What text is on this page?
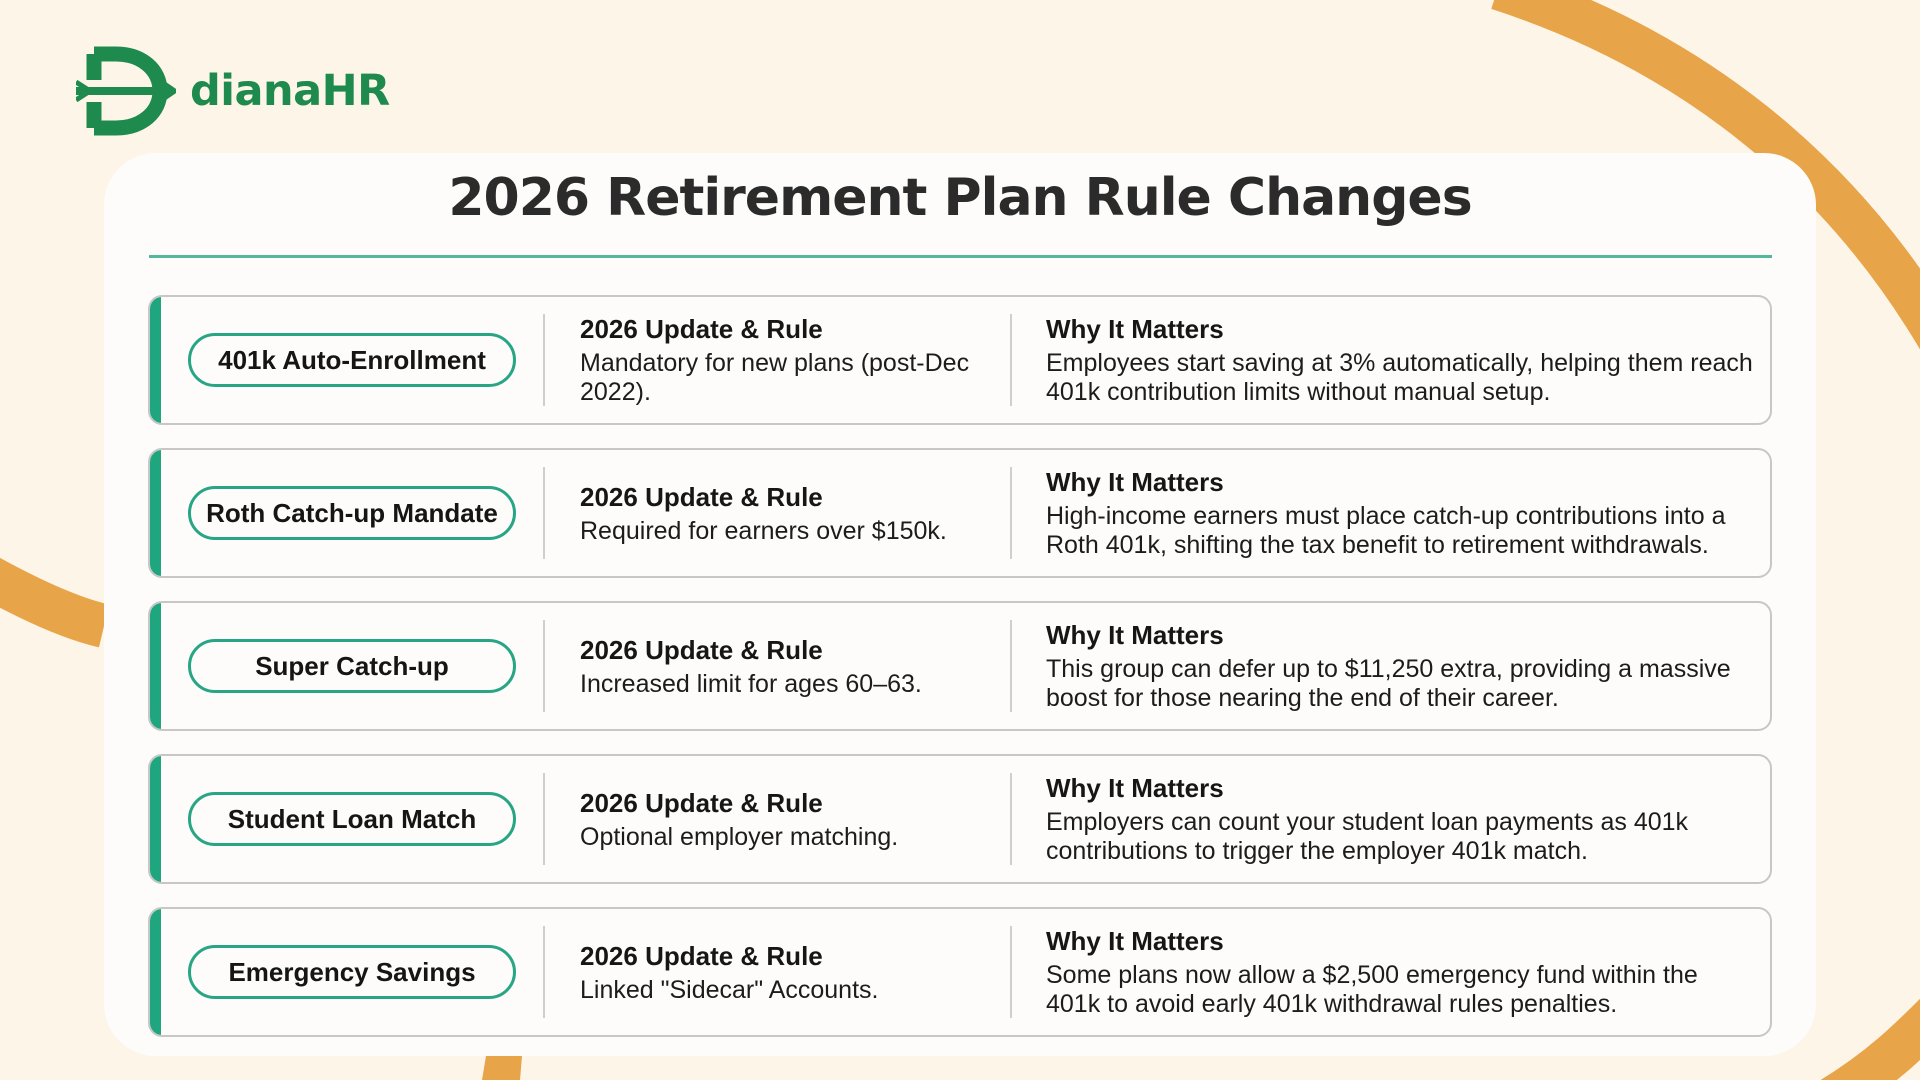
dianaHR
2026 Retirement Plan Rule Changes
401k Auto-Enrollment
2026 Update & Rule
Mandatory for new plans (post-Dec 2022).
Why It Matters
Employees start saving at 3% automatically, helping them reach 401k contribution limits without manual setup.
Roth Catch-up Mandate
2026 Update & Rule
Required for earners over $150k.
Why It Matters
High-income earners must place catch-up contributions into a Roth 401k, shifting the tax benefit to retirement withdrawals.
Super Catch-up
2026 Update & Rule
Increased limit for ages 60–63.
Why It Matters
This group can defer up to $11,250 extra, providing a massive boost for those nearing the end of their career.
Student Loan Match
2026 Update & Rule
Optional employer matching.
Why It Matters
Employers can count your student loan payments as 401k contributions to trigger the employer 401k match.
Emergency Savings
2026 Update & Rule
Linked "Sidecar" Accounts.
Why It Matters
Some plans now allow a $2,500 emergency fund within the 401k to avoid early 401k withdrawal rules penalties.
